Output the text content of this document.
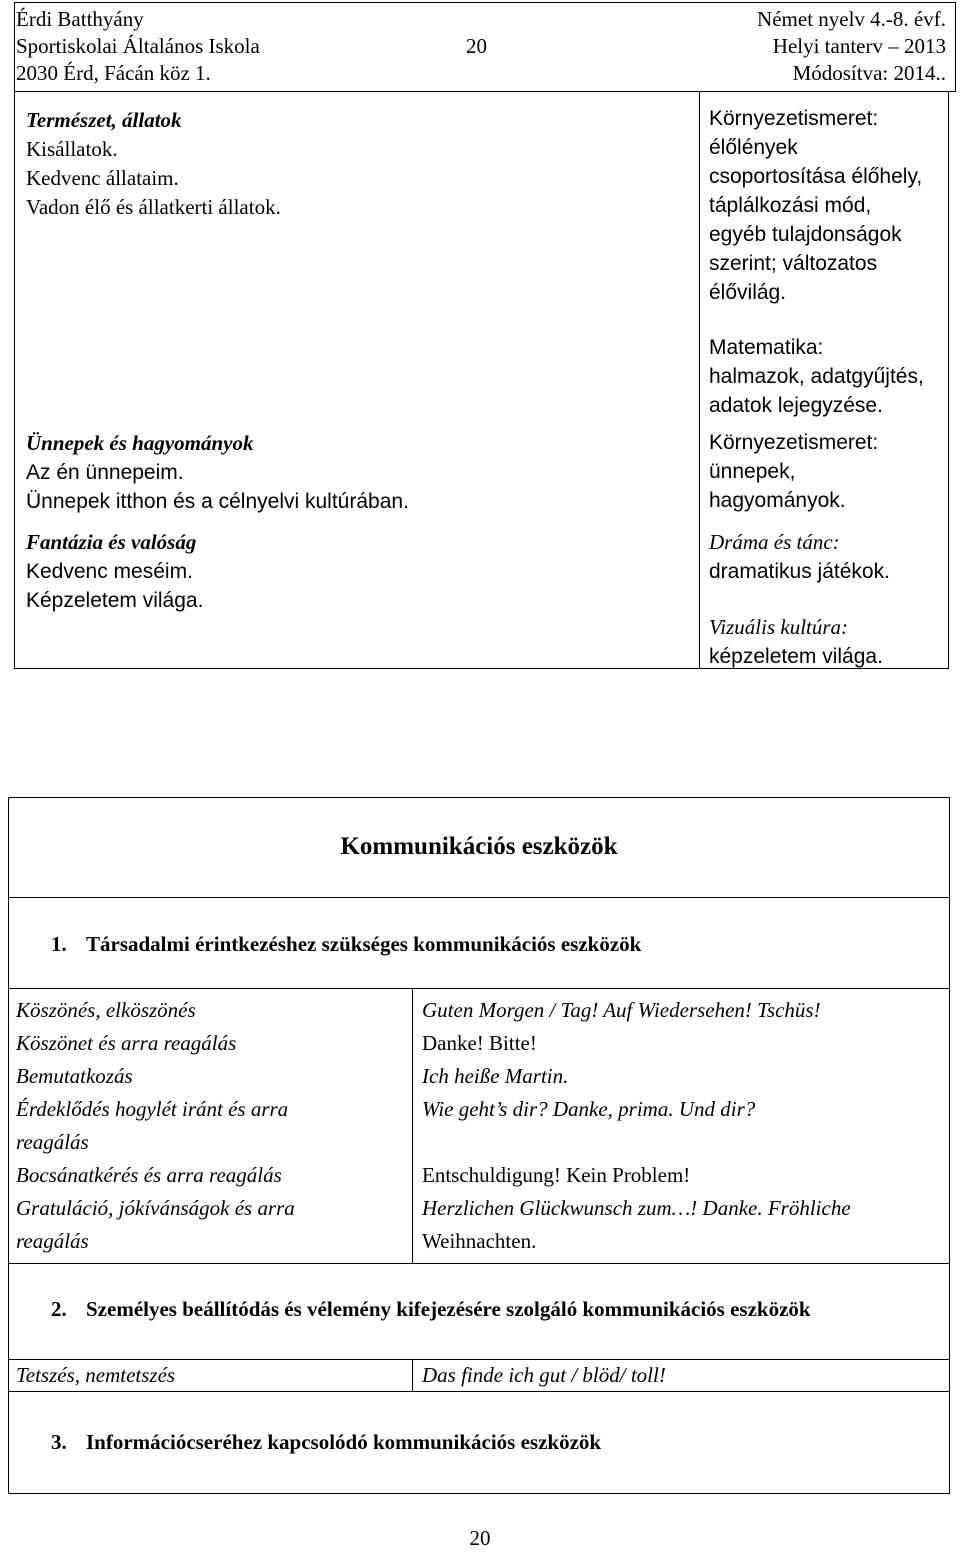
Érdi Batthyány
Sportiskolai Általános Iskola
2030 Érd, Fácán köz 1.
20
Német nyelv 4.-8. évf.
Helyi tanterv – 2013
Módosítva: 2014..
Természet, állatok
Kisállatok.
Kedvenc állataim.
Vadon élő és állatkerti állatok.
Ünnepek és hagyományok
Az én ünnepeim.
Ünnepek itthon és a célnyelvi kultúrában.
Fantázia és valóság
Kedvenc meséim.
Képzeletem világa.
Környezetismeret:
élőlények
csoportosítása élőhely,
táplálkozási mód,
egyéb tulajdonságok
szerint; változatos
élővilág.
Matematika:
halmazok, adatgyűjtés,
adatok lejegyzése.
Környezetismeret:
ünnepek,
hagyományok.
Dráma és tánc:
dramatikus játékok.
Vizuális kultúra:
képzeletem világa.
Kommunikációs eszközök
1. Társadalmi érintkezéshez szükséges kommunikációs eszközök
Köszönés, elköszönés
Köszönet és arra reagálás
Bemutatkozás
Érdeklődés hogylét iránt és arra
reagálás
Bocsánatkérés és arra reagálás
Gratuláció, jókívánságok és arra
reagálás
Guten Morgen / Tag! Auf Wiedersehen! Tschüs!
Danke! Bitte!
Ich heiße Martin.
Wie geht’s dir? Danke, prima. Und dir?
Entschuldigung! Kein Problem!
Herzlichen Glückwunsch zum…! Danke. Fröhliche
Weihnachten.
2. Személyes beállítódás és vélemény kifejezésére szolgáló kommunikációs eszközök
Tetszés, nemtetszés	Das finde ich gut / blöd/ toll!
3. Információcseréhez kapcsolódó kommunikációs eszközök
20
